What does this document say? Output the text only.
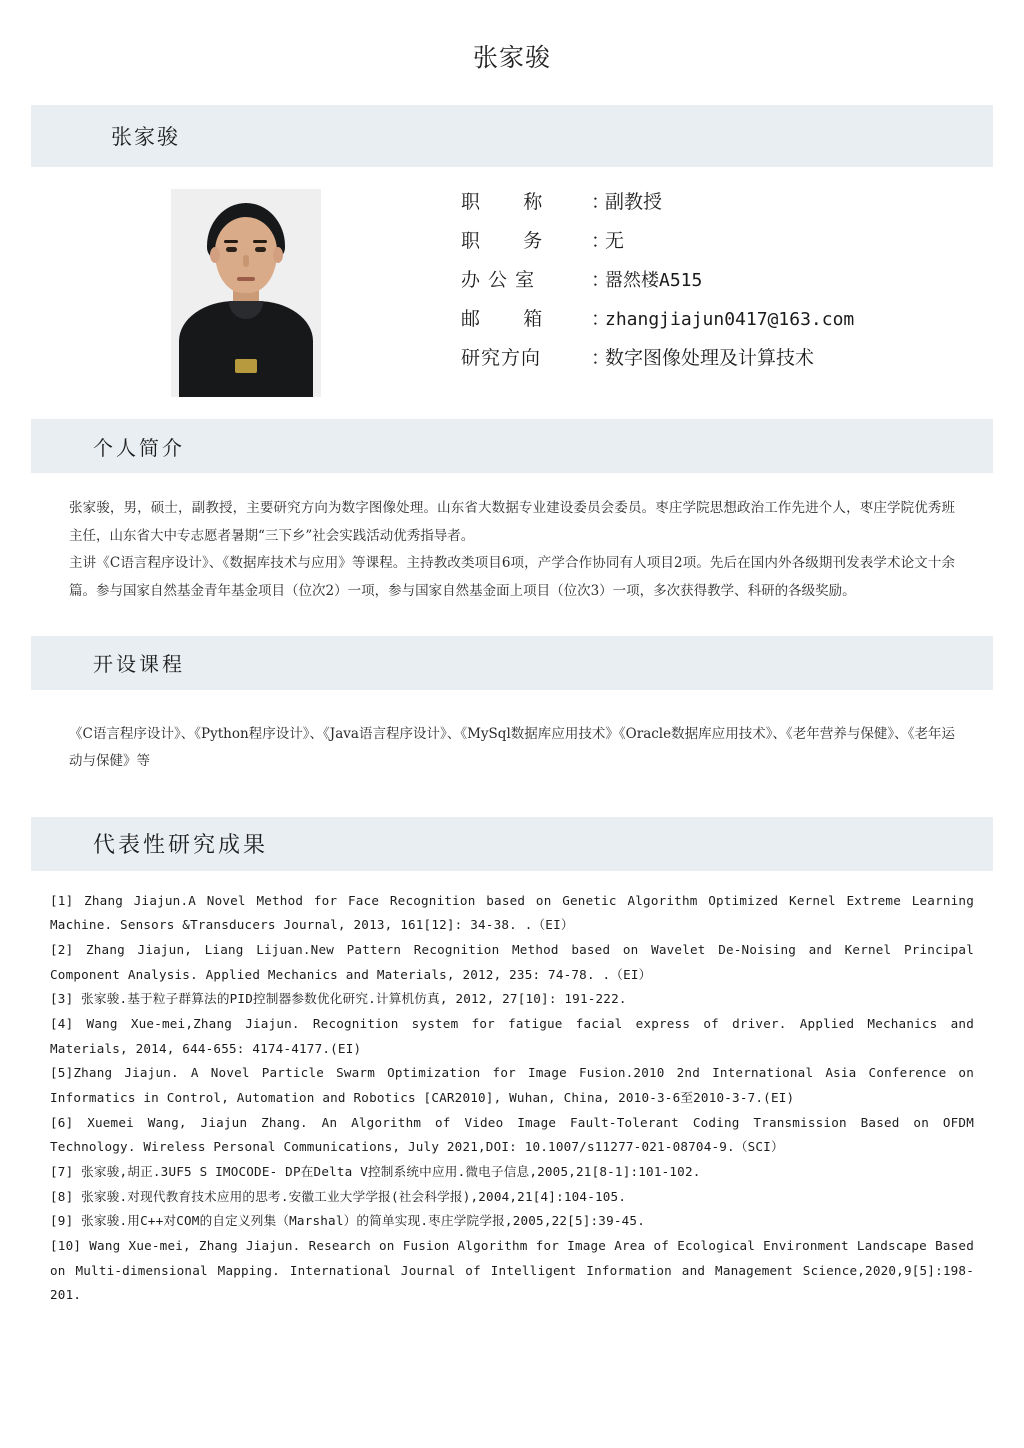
张家骏
张家骏
职      称	：
副教授
职      务	：
无
办 公 室	：
嚣然楼A515
邮      箱	：
zhangjiajun0417@163.com
研究方向	：
数字图像处理及计算技术
个人简介

张家骏，男，硕士，副教授，主要研究方向为数字图像处理。山东省大数据专业建设委员会委员。枣庄学院思想政治工作先进个人，枣庄学院优秀班主任，山东省大中专志愿者暑期“三下乡”社会实践活动优秀指导者。

主讲《C语言程序设计》、《数据库技术与应用》等课程。主持教改类项目6项，产学合作协同有人项目2项。先后在国内外各级期刊发表学术论文十余篇。参与国家自然基金青年基金项目（位次2）一项，参与国家自然基金面上项目（位次3）一项，多次获得教学、科研的各级奖励。

开设课程

《C语言程序设计》、《Python程序设计》、《Java语言程序设计》、《MySql数据库应用技术》《Oracle数据库应用技术》、《老年营养与保健》、《老年运动与保健》等

代表性研究成果

[1] Zhang Jiajun.A Novel Method for Face Recognition based on Genetic Algorithm Optimized Kernel Extreme Learning Machine. Sensors &Transducers Journal, 2013, 161[12]: 34-38. .（EI）

[2] Zhang Jiajun, Liang Lijuan.New Pattern Recognition Method based on Wavelet De-Noising and Kernel Principal Component Analysis. Applied Mechanics and Materials, 2012, 235: 74-78. .（EI）

[3] 张家骏.基于粒子群算法的PID控制器参数优化研究.计算机仿真, 2012, 27[10]: 191-222.

[4] Wang Xue-mei,Zhang Jiajun. Recognition system for fatigue facial express of driver. Applied Mechanics and Materials, 2014, 644-655: 4174-4177.(EI)

[5]Zhang Jiajun. A Novel Particle Swarm Optimization for Image Fusion.2010 2nd International Asia Conference on Informatics in Control, Automation and Robotics [CAR2010], Wuhan, China, 2010-3-6至2010-3-7.(EI)

[6] Xuemei Wang, Jiajun Zhang. An Algorithm of Video Image Fault-Tolerant Coding Transmission Based on OFDM Technology. Wireless Personal Communications, July 2021,DOI: 10.1007/s11277-021-08704-9.（SCI）

[7] 张家骏,胡正.3UF5 S IMOCODE- DP在Delta V控制系统中应用.微电子信息,2005,21[8-1]:101-102.

[8] 张家骏.对现代教育技术应用的思考.安徽工业大学学报(社会科学报),2004,21[4]:104-105.

[9] 张家骏.用C++对COM的自定义列集（Marshal）的简单实现.枣庄学院学报,2005,22[5]:39-45.

[10] Wang Xue-mei, Zhang Jiajun. Research on Fusion Algorithm for Image Area of Ecological Environment Landscape Based on Multi-dimensional Mapping. International Journal of Intelligent Information and Management Science,2020,9[5]:198-201.
